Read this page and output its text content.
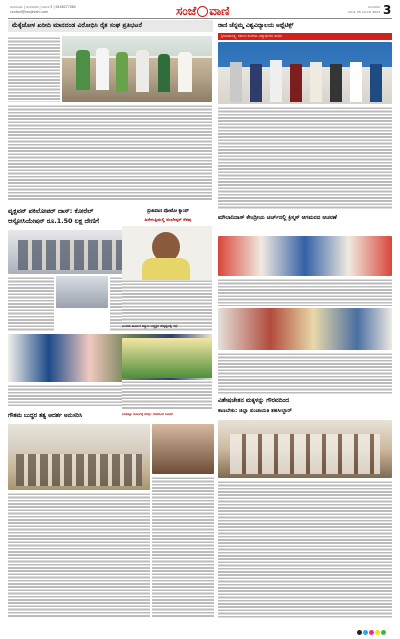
ಮಂಗಳೂರು | ಮಂಗಳವಾರ | ದಿನಾಂಕ 5 | 9448277080
contact@sanjevani.com	ಸಂಜೆ ವಾಣಿ	ಮಂಗಳವಾರ
ದಿನಾಂಕ: 05 ಡಿಸೆಂಬರ್ 2023 3
ಮೆಕ್ಕೆಜೋಳ ಖರೀದಿ ಮಾನದಂಡ ವಿರೋಧಿಸಿ ರೈತ ಸಂಘ ಪ್ರತಿಭಟನೆ	ರಾಣಿ ಚೆನ್ನಮ್ಮ ವಿಶ್ವವಿದ್ಯಾಲಯ ಅಥ್ಲೆಟಿಕ್ಸ್
ಶ್ರೀಮಹಾಲಕ್ಷ್ಮಿ ಸರ್ಕಾರಿ ಕಾಲೇಜು ವಿದ್ಯಾರ್ಥಿಗಳ ಸಾಧನೆ
ವೃಕ್ಷವನ್ ಪಕಿಲೋಪರ್ ದಾಸ್: ಕೋರೆಲ್
ಆಸ್ಪೋಸಿಯೇಷನ್ ರೂ.1.50 ಲಕ್ಷ ದೇಣಿಗೆ
ಪ್ರಜಾವಾಣಿ ಪೋಟೋ ಕ್ಯಾಂಪ್
ಹಿರೇಗುತ್ತಿಯಲ್ಲಿ ಅಂಬೇಡ್ಕರ್ ನೆನಪು	ಮೌಲಾನಿದಾಸ್ ಕೇಂದ್ರೀಯ ಚರ್ಚ್‌ನಲ್ಲಿ ಕ್ರಿಸ್ಮಸ್ ಆಗಮನದ ಆಚರಣೆ
ಬಂದರು ಕಾರ್ಮಿಕ ಕಲ್ಯಾಣ ಅಧ್ಯಕ್ಷರ ನೇತೃತ್ವದಲ್ಲಿ ಸಭೆ
ಬುಡಕಟ್ಟು ಜನಾಂಗಕ್ಕೆ ನೆರವು: ಸಚಿವರಿಂದ ಸೂಚನೆ
ಗೌತಮ ಬುದ್ಧರ ತತ್ವ ಆದರ್ಶ ಅನುಸರಿಸಿ
ವಿಶೇಷಚೇತನ ಮಕ್ಕಳನ್ನು ಗೌರವದಿಂದ
ಕಾಣಬೇಕು: ಜಿಲ್ಲಾ ಪಂಚಾಯತಿ ತಹಸೀಲ್ದಾರ್
